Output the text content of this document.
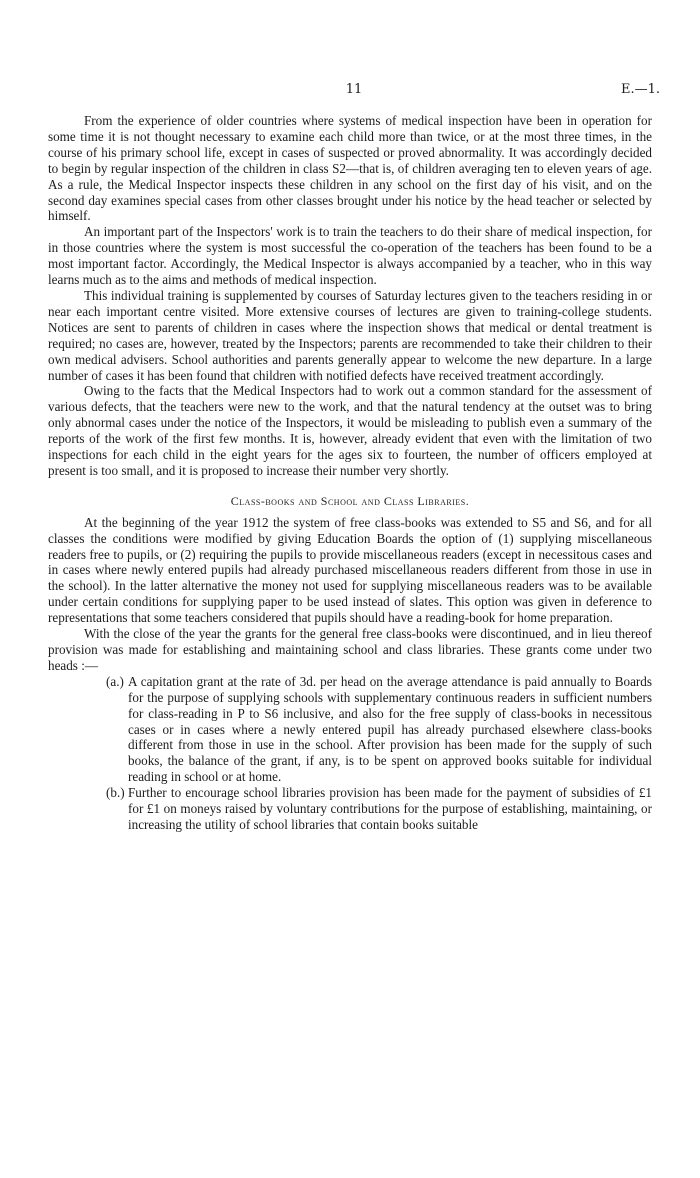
11	E.—1.

From the experience of older countries where systems of medical inspection have been in operation for some time it is not thought necessary to examine each child more than twice, or at the most three times, in the course of his primary school life, except in cases of suspected or proved abnormality. It was accordingly decided to begin by regular inspection of the children in class S2—that is, of children averaging ten to eleven years of age. As a rule, the Medical Inspector inspects these children in any school on the first day of his visit, and on the second day examines special cases from other classes brought under his notice by the head teacher or selected by himself.

An important part of the Inspectors' work is to train the teachers to do their share of medical inspection, for in those countries where the system is most successful the co-operation of the teachers has been found to be a most important factor. Accordingly, the Medical Inspector is always accompanied by a teacher, who in this way learns much as to the aims and methods of medical inspection.

This individual training is supplemented by courses of Saturday lectures given to the teachers residing in or near each important centre visited. More extensive courses of lectures are given to training-college students. Notices are sent to parents of children in cases where the inspection shows that medical or dental treatment is required; no cases are, however, treated by the Inspectors; parents are recommended to take their children to their own medical advisers. School authorities and parents generally appear to welcome the new departure. In a large number of cases it has been found that children with notified defects have received treatment accordingly.

Owing to the facts that the Medical Inspectors had to work out a common standard for the assessment of various defects, that the teachers were new to the work, and that the natural tendency at the outset was to bring only abnormal cases under the notice of the Inspectors, it would be misleading to publish even a summary of the reports of the work of the first few months. It is, however, already evident that even with the limitation of two inspections for each child in the eight years for the ages six to fourteen, the number of officers employed at present is too small, and it is proposed to increase their number very shortly.

Class-books and School and Class Libraries.

At the beginning of the year 1912 the system of free class-books was extended to S5 and S6, and for all classes the conditions were modified by giving Education Boards the option of (1) supplying miscellaneous readers free to pupils, or (2) requiring the pupils to provide miscellaneous readers (except in necessitous cases and in cases where newly entered pupils had already purchased miscellaneous readers different from those in use in the school). In the latter alternative the money not used for supplying miscellaneous readers was to be available under certain conditions for supplying paper to be used instead of slates. This option was given in deference to representations that some teachers considered that pupils should have a reading-book for home preparation.

With the close of the year the grants for the general free class-books were discontinued, and in lieu thereof provision was made for establishing and maintaining school and class libraries. These grants come under two heads :—

(a.) A capitation grant at the rate of 3d. per head on the average attendance is paid annually to Boards for the purpose of supplying schools with supplementary continuous readers in sufficient numbers for class-reading in P to S6 inclusive, and also for the free supply of class-books in necessitous cases or in cases where a newly entered pupil has already purchased elsewhere class-books different from those in use in the school. After provision has been made for the supply of such books, the balance of the grant, if any, is to be spent on approved books suitable for individual reading in school or at home.
(b.) Further to encourage school libraries provision has been made for the payment of subsidies of £1 for £1 on moneys raised by voluntary contributions for the purpose of establishing, maintaining, or increasing the utility of school libraries that contain books suitable
